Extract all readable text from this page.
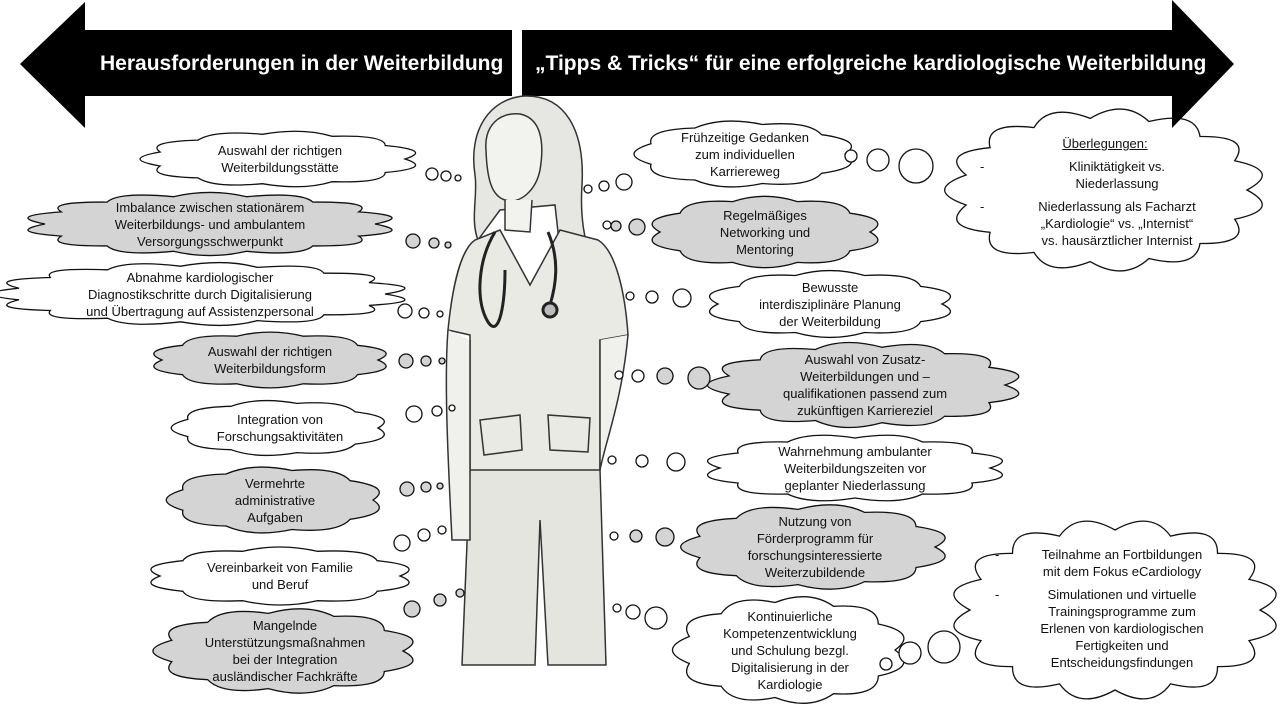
Herausforderungen in der Weiterbildung „Tipps & Tricks“ für eine erfolgreiche kardiologische Weiterbildung
Auswahl der richtigen
Weiterbildungsstätte
Imbalance zwischen stationärem
Weiterbildungs- und ambulantem
Versorgungsschwerpunkt
Abnahme kardiologischer
Diagnostikschritte durch Digitalisierung
und Übertragung auf Assistenzpersonal
Auswahl der richtigen
Weiterbildungsform
Integration von
Forschungsaktivitäten
Vermehrte
administrative
Aufgaben
Vereinbarkeit von Familie
und Beruf
Mangelnde
Unterstützungsmaßnahmen
bei der Integration
ausländischer Fachkräfte
Frühzeitige Gedanken
zum individuellen
Karriereweg
Regelmäßiges
Networking und
Mentoring
Bewusste
interdisziplinäre Planung
der Weiterbildung
Auswahl von Zusatz-
Weiterbildungen und –
qualifikationen passend zum
zukünftigen Karriereziel
Wahrnehmung ambulanter
Weiterbildungszeiten vor
geplanter Niederlassung
Nutzung von
Förderprogramm für
forschungsinteressierte
Weiterzubildende
Kontinuierliche
Kompetenzentwicklung
und Schulung bezgl.
Digitalisierung in der
Kardiologie
Überlegungen:
- Kliniktätigkeit vs.
Niederlassung
- Niederlassung als Facharzt
„Kardiologie“ vs. „Internist“
vs. hausärztlicher Internist
- Teilnahme an Fortbildungen
mit dem Fokus eCardiology
- Simulationen und virtuelle
Trainingsprogramme zum
Erlenen von kardiologischen
Fertigkeiten und
Entscheidungsfindungen
